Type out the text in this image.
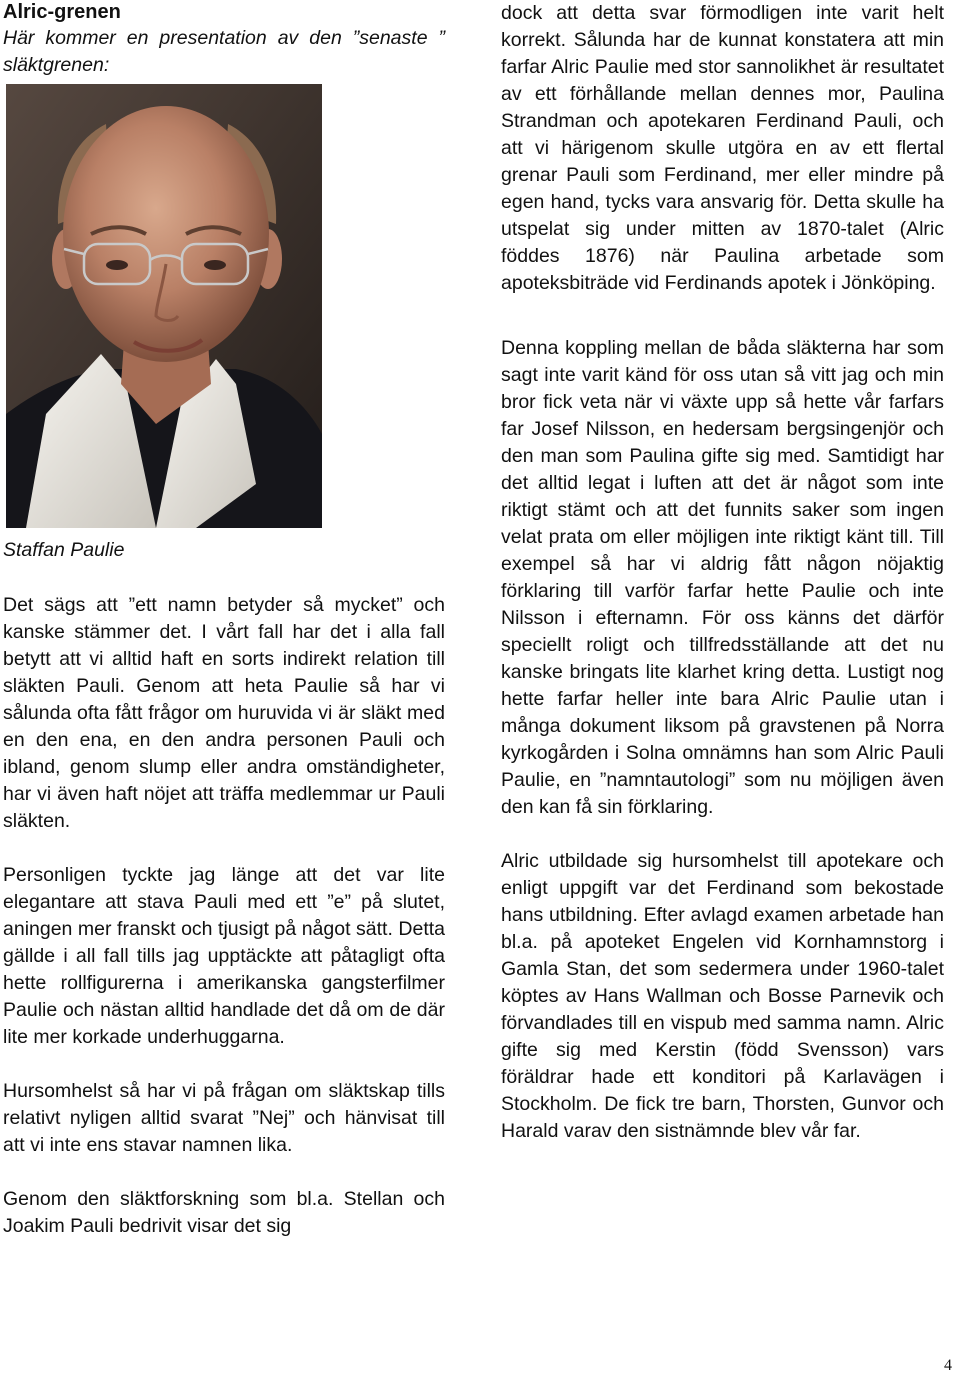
Alric-grenen

Här kommer en presentation av den ”senaste ” släktgrenen:

Staffan Paulie

Det sägs att ”ett namn betyder så mycket” och kanske stämmer det. I vårt fall har det i alla fall betytt att vi alltid haft en sorts indirekt relation till släkten Pauli. Genom att heta Paulie så har vi sålunda ofta fått frågor om huruvida vi är släkt med en den ena, en den andra personen Pauli och ibland, genom slump eller andra omständigheter, har vi även haft nöjet att träffa medlemmar ur Pauli släkten.

Personligen tyckte jag länge att det var lite elegantare att stava Pauli med ett ”e” på slutet, aningen mer franskt och tjusigt på något sätt. Detta gällde i all fall tills jag upptäckte att påtagligt ofta hette rollfigurerna i amerikanska gangsterfilmer Paulie och nästan alltid handlade det då om de där lite mer korkade underhuggarna.

Hursomhelst så har vi på frågan om släktskap tills relativt nyligen alltid svarat ”Nej” och hänvisat till att vi inte ens stavar namnen lika.

Genom den släktforskning som bl.a. Stellan och Joakim Pauli bedrivit visar det sig

dock att detta svar förmodligen inte varit helt korrekt. Sålunda har de kunnat konstatera att min farfar Alric Paulie med stor sannolikhet är resultatet av ett förhållande mellan dennes mor, Paulina Strandman och apotekaren Ferdinand Pauli, och att vi härigenom skulle utgöra en av ett flertal grenar Pauli som Ferdinand, mer eller mindre på egen hand, tycks vara ansvarig för. Detta skulle ha utspelat sig under mitten av 1870-talet (Alric föddes 1876) när Paulina arbetade som apoteksbiträde vid Ferdinands apotek i Jönköping.

Denna koppling mellan de båda släkterna har som sagt inte varit känd för oss utan så vitt jag och min bror fick veta när vi växte upp så hette vår farfars far Josef Nilsson, en hedersam bergsingenjör och den man som Paulina gifte sig med. Samtidigt har det alltid legat i luften att det är något som inte riktigt stämt och att det funnits saker som ingen velat prata om eller möjligen inte riktigt känt till. Till exempel så har vi aldrig fått någon nöjaktig förklaring till varför farfar hette Paulie och inte Nilsson i efternamn. För oss känns det därför speciellt roligt och tillfredsställande att det nu kanske bringats lite klarhet kring detta. Lustigt nog hette farfar heller inte bara Alric Paulie utan i många dokument liksom på gravstenen på Norra kyrkogården i Solna omnämns han som Alric Pauli Paulie, en ”namntautologi” som nu möjligen även den kan få sin förklaring.

Alric utbildade sig hursomhelst till apotekare och enligt uppgift var det Ferdinand som bekostade hans utbildning. Efter avlagd examen arbetade han bl.a. på apoteket Engelen vid Kornhamnstorg i Gamla Stan, det som sedermera under 1960-talet köptes av Hans Wallman och Bosse Parnevik och förvandlades till en vispub med samma namn. Alric gifte sig med Kerstin (född Svensson) vars föräldrar hade ett konditori på Karlavägen i Stockholm. De fick tre barn, Thorsten, Gunvor och Harald varav den sistnämnde blev vår far.

4
